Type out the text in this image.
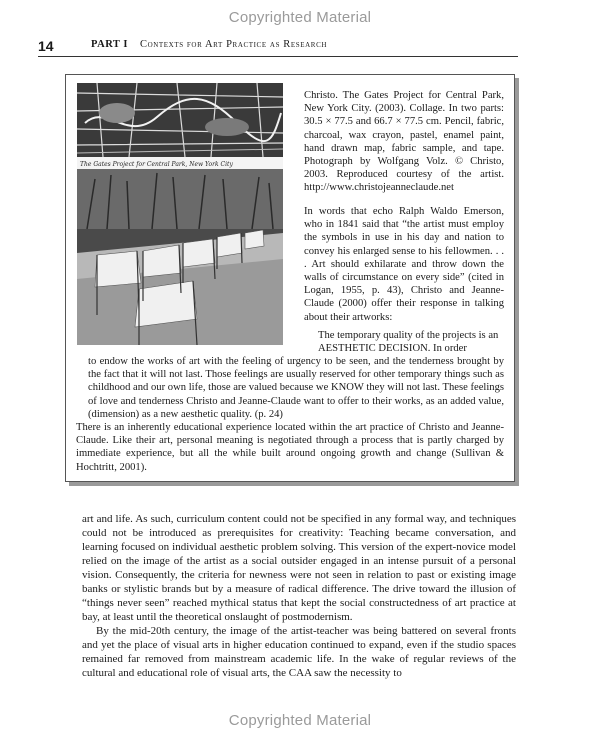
Copyrighted Material
14	PART I Contexts for Art Practice as Research
The Gates Project for Central Park, New York City
Christo. The Gates Project for Central Park, New York City. (2003). Collage. In two parts: 30.5 × 77.5 and 66.7 × 77.5 cm. Pencil, fabric, charcoal, wax crayon, pastel, enamel paint, hand drawn map, fabric sample, and tape. Photograph by Wolfgang Volz. © Christo, 2003. Reproduced courtesy of the artist. http://www.christojeanneclaude.net
In words that echo Ralph Waldo Emerson, who in 1841 said that “the artist must employ the symbols in use in his day and nation to convey his enlarged sense to his fellowmen. . . . Art should exhilarate and throw down the walls of circumstance on every side” (cited in Logan, 1955, p. 43), Christo and Jeanne-Claude (2000) offer their response in talking about their artworks:
The temporary quality of the projects is an AESTHETIC DECISION. In order
to endow the works of art with the feeling of urgency to be seen, and the tenderness brought by the fact that it will not last. Those feelings are usually reserved for other temporary things such as childhood and our own life, those are valued because we KNOW they will not last. These feelings of love and tenderness Christo and Jeanne-Claude want to offer to their works, as an added value, (dimension) as a new aesthetic quality. (p. 24)
There is an inherently educational experience located within the art practice of Christo and Jeanne-Claude. Like their art, personal meaning is negotiated through a process that is partly charged by immediate experience, but all the while built around ongoing growth and change (Sullivan & Hochtritt, 2001).

art and life. As such, curriculum content could not be specified in any formal way, and techniques could not be introduced as prerequisites for creativity: Teaching became conversation, and learning focused on individual aesthetic problem solving. This version of the expert-novice model relied on the image of the artist as a social outsider engaged in an intense pursuit of a personal vision. Consequently, the criteria for newness were not seen in relation to past or existing image banks or stylistic brands but by a measure of radical difference. The drive toward the illusion of “things never seen” reached mythical status that kept the social constructedness of art practice at bay, at least until the theoretical onslaught of postmodernism.

By the mid-20th century, the image of the artist-teacher was being battered on several fronts and yet the place of visual arts in higher education continued to expand, even if the studio spaces remained far removed from mainstream academic life. In the wake of regular reviews of the cultural and educational role of visual arts, the CAA saw the necessity to

Copyrighted Material
